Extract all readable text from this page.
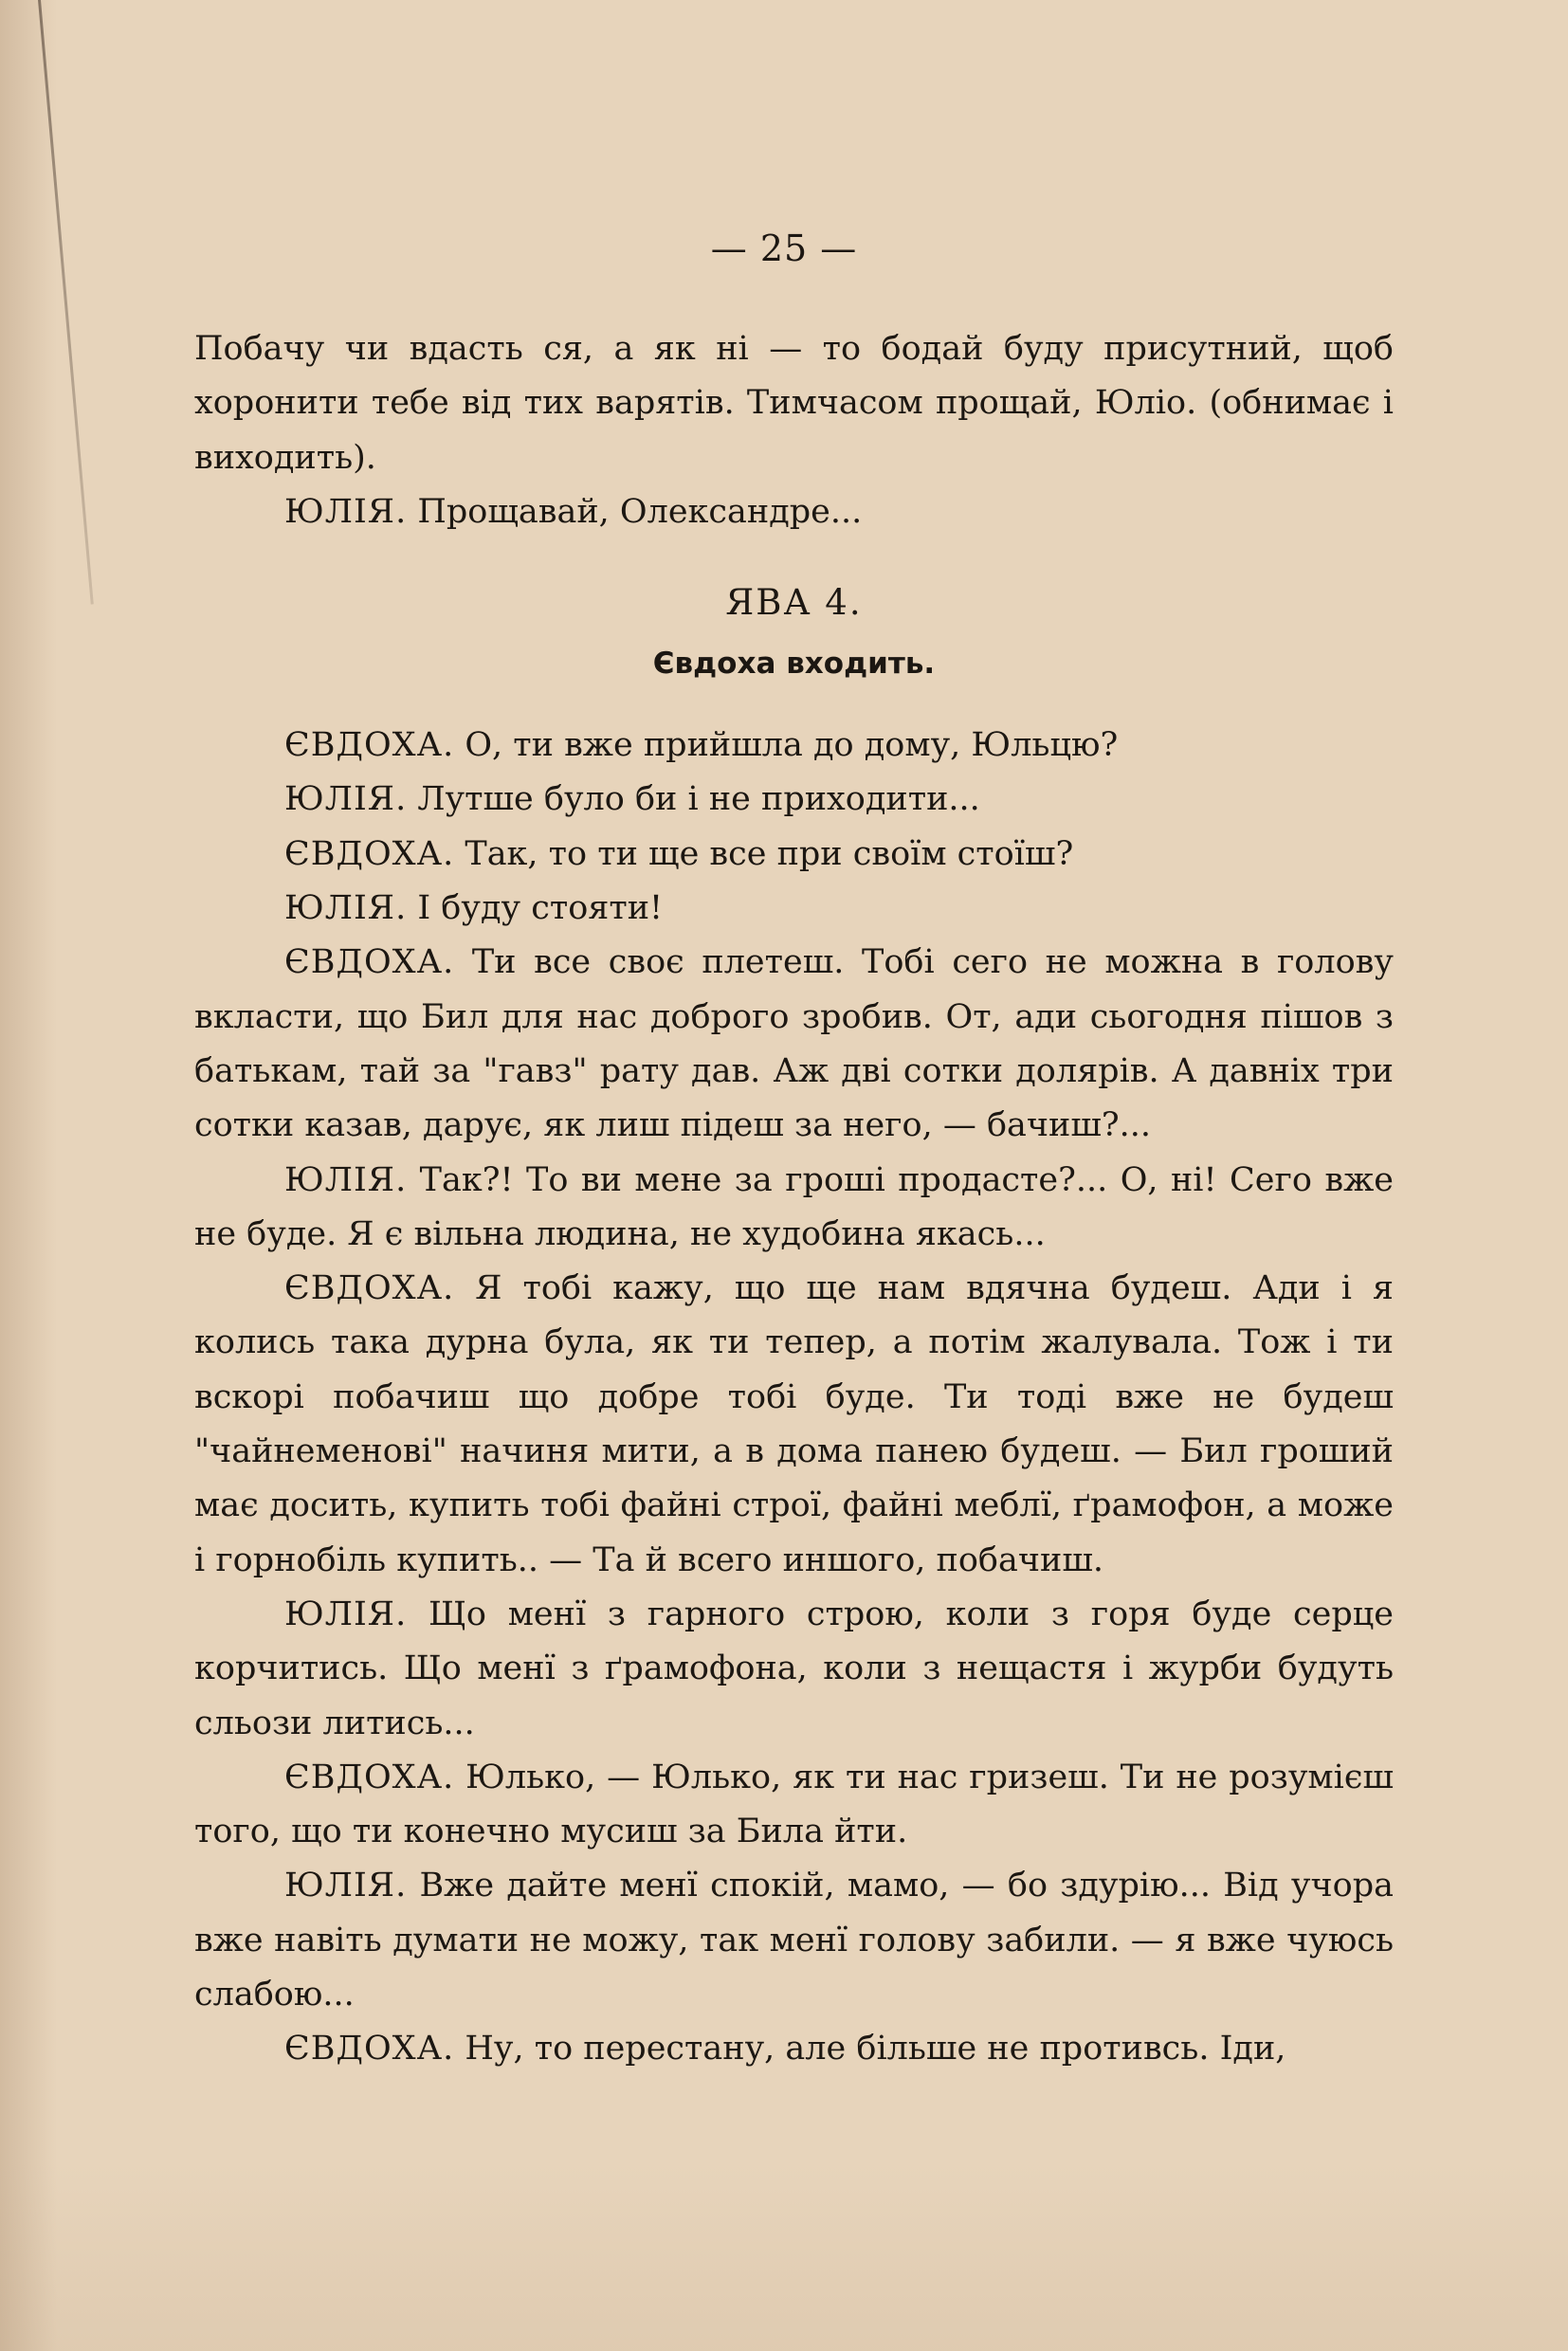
— 25 —

Побачу чи вдасть ся, а як ні — то бодай буду присутний, щоб хоронити тебе від тих варятів. Тимчасом прощай, Юліо. (обнимає і виходить).

ЮЛІЯ. Прощавай, Олександре...

ЯВА 4.
Євдоха входить.

ЄВДОХА. О, ти вже прийшла до дому, Юльцю?

ЮЛІЯ. Лутше було би і не приходити...

ЄВДОХА. Так, то ти ще все при своїм стоїш?

ЮЛІЯ. І буду стояти!

ЄВДОХА. Ти все своє плетеш. Тобі сего не можна в голову вкласти, що Бил для нас доброго зробив. От, ади сьогодня пішов з батькам, тай за "гавз" рату дав. Аж дві сотки долярів. А давніх три сотки казав, дарує, як лиш підеш за него, — бачиш?...

ЮЛІЯ. Так?! То ви мене за гроші продасте?... О, ні! Сего вже не буде. Я є вільна людина, не худобина якась...

ЄВДОХА. Я тобі кажу, що ще нам вдячна будеш. Ади і я колись така дурна була, як ти тепер, а потім жалувала. Тож і ти вскорі побачиш що добре тобі буде. Ти тоді вже не будеш "чайнеменові" начиня мити, а в дома панею будеш. — Бил гроший має досить, купить тобі файні строї, файні меблї, ґрамофон, а може і горнобіль купить.. — Та й всего иншого, побачиш.

ЮЛІЯ. Що менї з гарного строю, коли з горя буде серце корчитись. Що менї з ґрамофона, коли з нещастя і журби будуть сльози литись...

ЄВДОХА. Юлько, — Юлько, як ти нас гризеш. Ти не розумієш того, що ти конечно мусиш за Била йти.

ЮЛІЯ. Вже дайте менї спокій, мамо, — бо здурію... Від учора вже навіть думати не можу, так менї голову забили. — я вже чуюсь слабою...

ЄВДОХА. Ну, то перестану, але більше не противсь. Іди,
